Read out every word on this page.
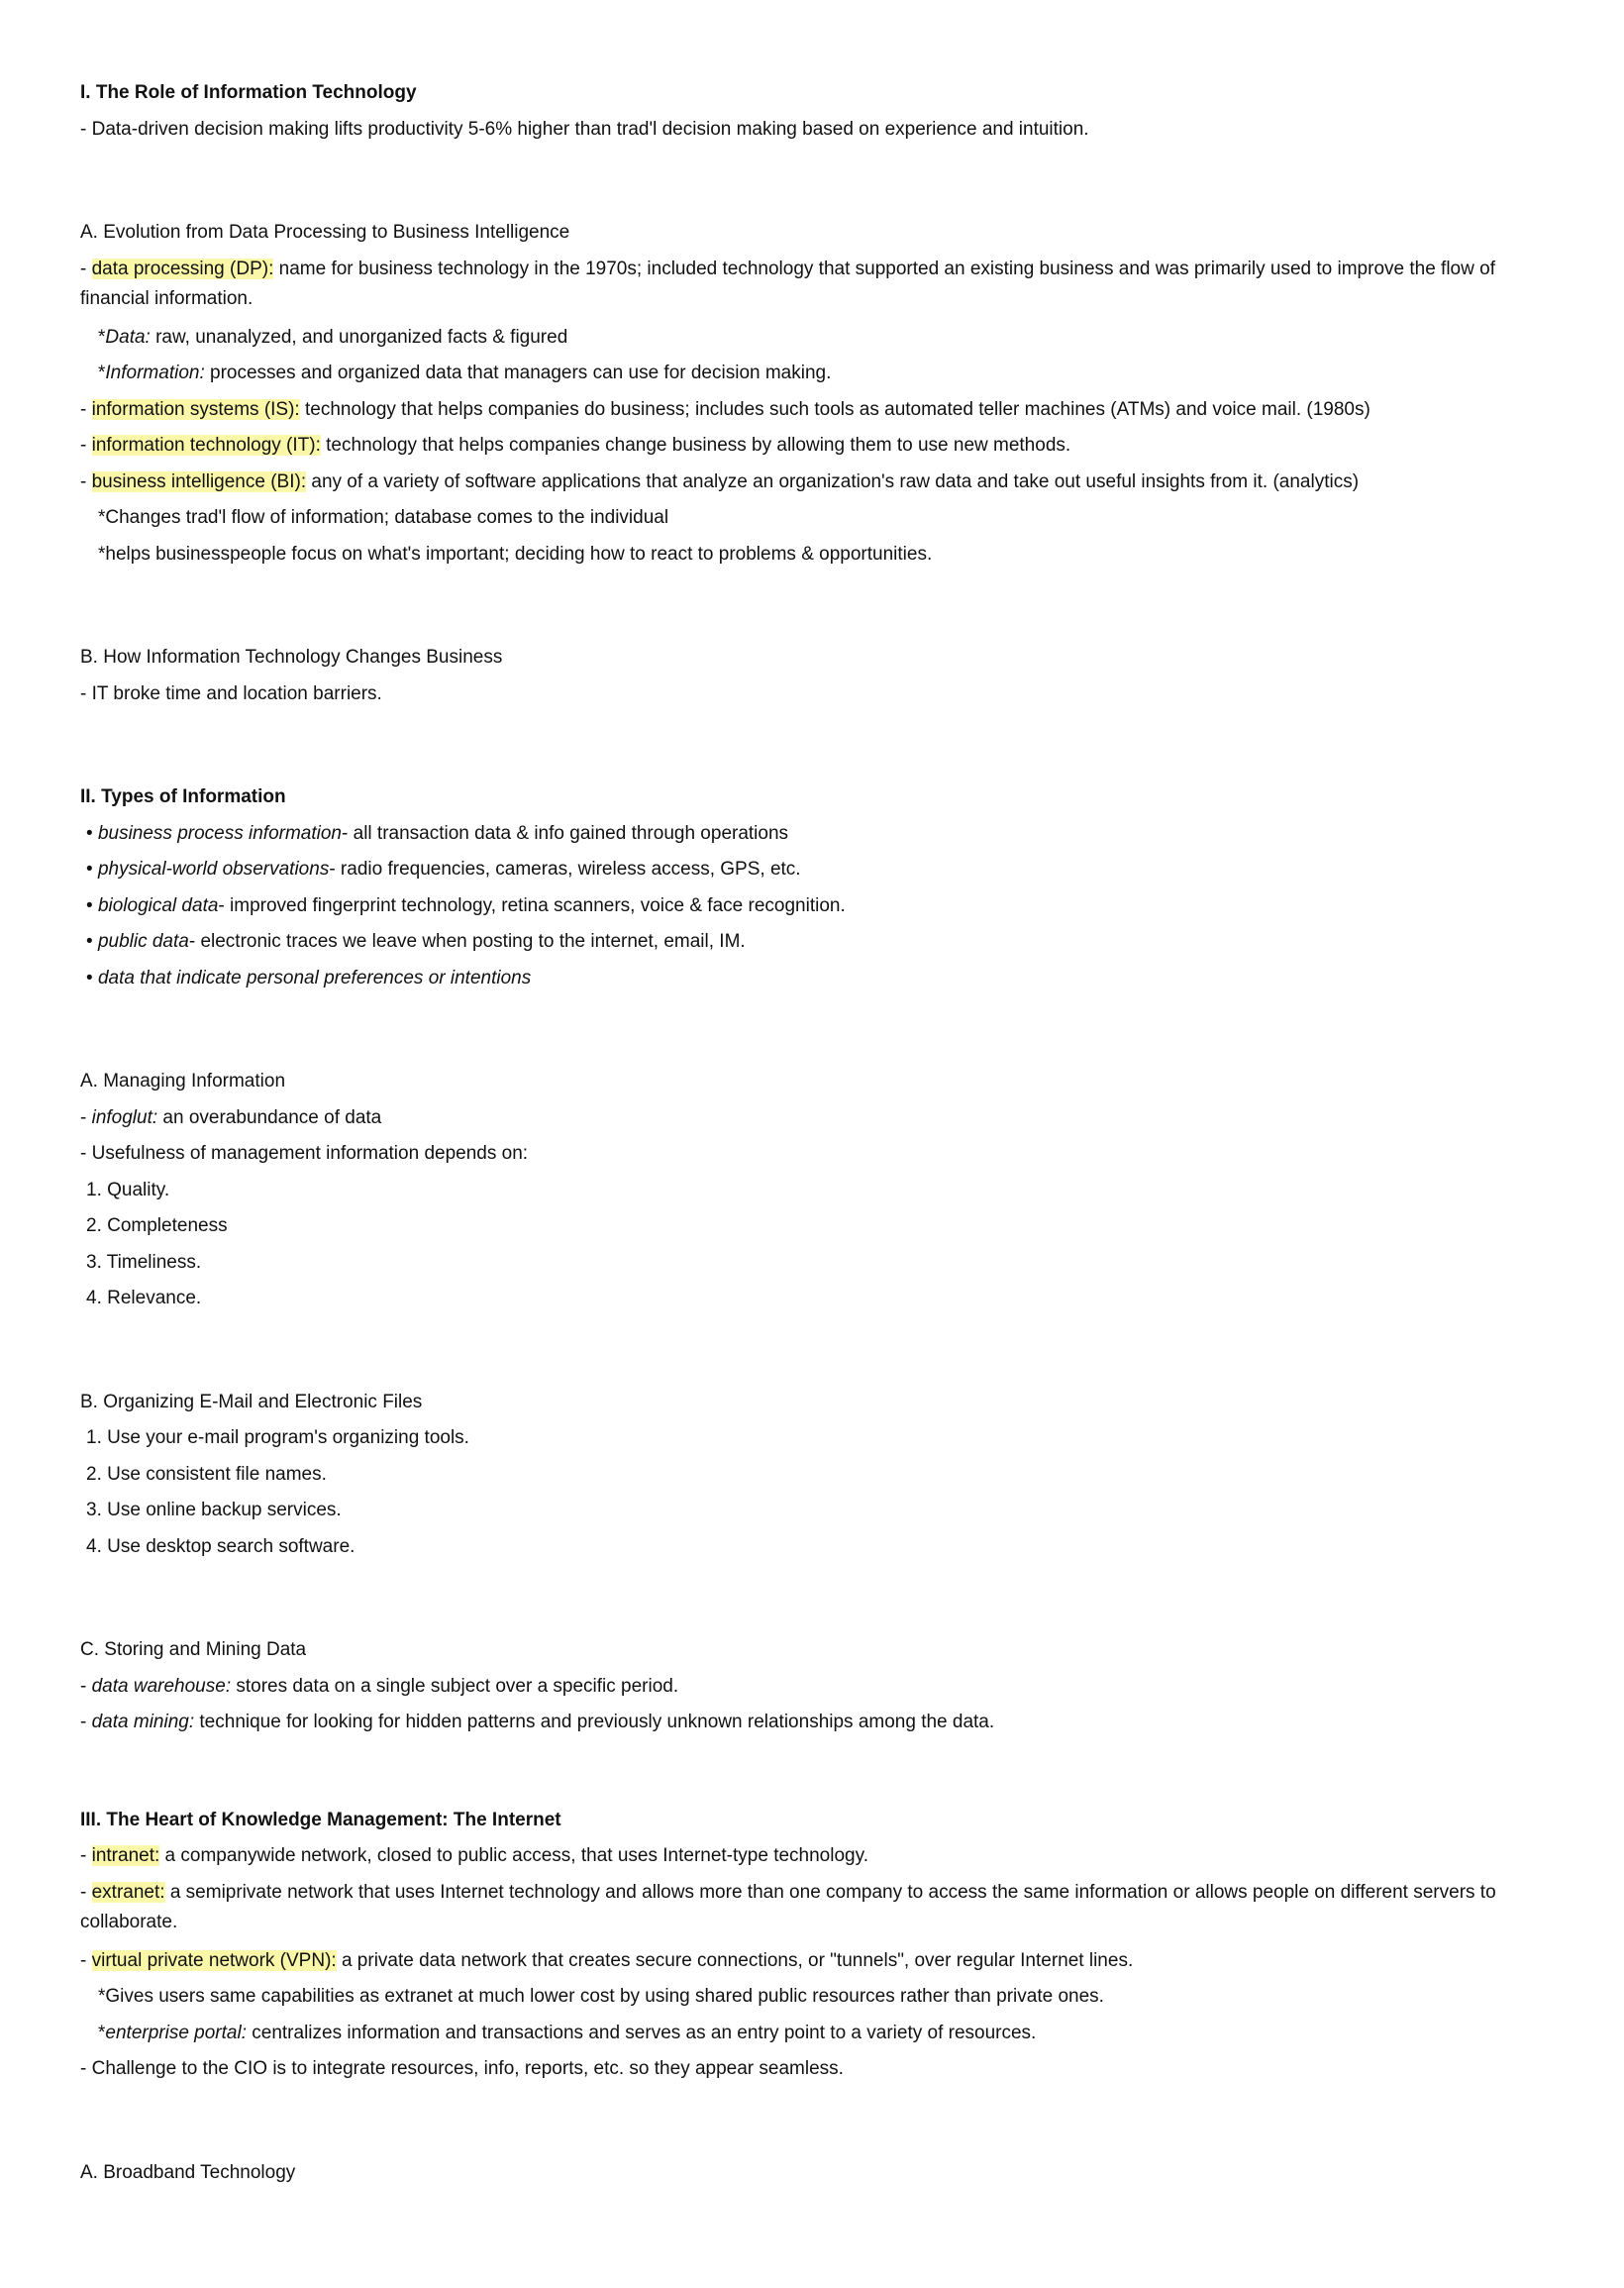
I. The Role of Information Technology
- Data-driven decision making lifts productivity 5-6% higher than trad'l decision making based on experience and intuition.
A. Evolution from Data Processing to Business Intelligence
- data processing (DP): name for business technology in the 1970s; included technology that supported an existing business and was primarily used to improve the flow of financial information.
*Data: raw, unanalyzed, and unorganized facts & figured
*Information: processes and organized data that managers can use for decision making.
- information systems (IS): technology that helps companies do business; includes such tools as automated teller machines (ATMs) and voice mail. (1980s)
- information technology (IT): technology that helps companies change business by allowing them to use new methods.
- business intelligence (BI): any of a variety of software applications that analyze an organization's raw data and take out useful insights from it. (analytics)
*Changes trad'l flow of information; database comes to the individual
*helps businesspeople focus on what's important; deciding how to react to problems & opportunities.
B. How Information Technology Changes Business
- IT broke time and location barriers.
II. Types of Information
• business process information- all transaction data & info gained through operations
• physical-world observations- radio frequencies, cameras, wireless access, GPS, etc.
• biological data- improved fingerprint technology, retina scanners, voice & face recognition.
• public data- electronic traces we leave when posting to the internet, email, IM.
• data that indicate personal preferences or intentions
A. Managing Information
- infoglut: an overabundance of data
- Usefulness of management information depends on:
1. Quality.
2. Completeness
3. Timeliness.
4. Relevance.
B. Organizing E-Mail and Electronic Files
1. Use your e-mail program's organizing tools.
2. Use consistent file names.
3. Use online backup services.
4. Use desktop search software.
C. Storing and Mining Data
- data warehouse: stores data on a single subject over a specific period.
- data mining: technique for looking for hidden patterns and previously unknown relationships among the data.
III. The Heart of Knowledge Management: The Internet
- intranet: a companywide network, closed to public access, that uses Internet-type technology.
- extranet: a semiprivate network that uses Internet technology and allows more than one company to access the same information or allows people on different servers to collaborate.
- virtual private network (VPN): a private data network that creates secure connections, or "tunnels", over regular Internet lines.
*Gives users same capabilities as extranet at much lower cost by using shared public resources rather than private ones.
*enterprise portal: centralizes information and transactions and serves as an entry point to a variety of resources.
- Challenge to the CIO is to integrate resources, info, reports, etc. so they appear seamless.
A. Broadband Technology
